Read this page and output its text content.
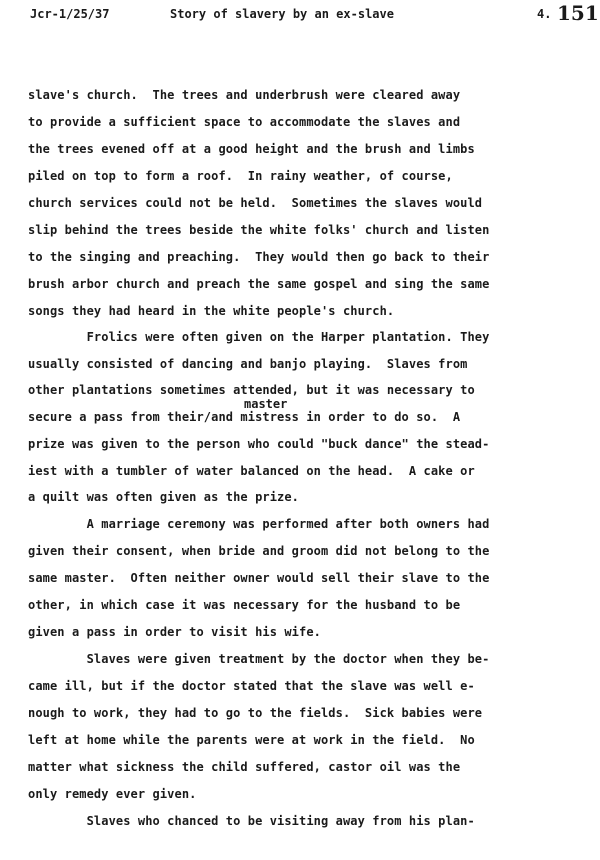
Jcr-1/25/37	Story of slavery by an ex-slave	4. 151
slave's church.  The trees and underbrush were cleared away
to provide a sufficient space to accommodate the slaves and
the trees evened off at a good height and the brush and limbs
piled on top to form a roof.  In rainy weather, of course,
church services could not be held.  Sometimes the slaves would
slip behind the trees beside the white folks' church and listen
to the singing and preaching.  They would then go back to their
brush arbor church and preach the same gospel and sing the same
songs they had heard in the white people's church.
Frolics were often given on the Harper plantation. They
usually consisted of dancing and banjo playing.  Slaves from
other plantations sometimes attended, but it was necessary to
master
secure a pass from their/and mistress in order to do so.  A
prize was given to the person who could "buck dance" the stead-
iest with a tumbler of water balanced on the head.  A cake or
a quilt was often given as the prize.
A marriage ceremony was performed after both owners had
given their consent, when bride and groom did not belong to the
same master.  Often neither owner would sell their slave to the
other, in which case it was necessary for the husband to be
given a pass in order to visit his wife.
Slaves were given treatment by the doctor when they be-
came ill, but if the doctor stated that the slave was well e-
nough to work, they had to go to the fields.  Sick babies were
left at home while the parents were at work in the field.  No
matter what sickness the child suffered, castor oil was the
only remedy ever given.
Slaves who chanced to be visiting away from his plan-
